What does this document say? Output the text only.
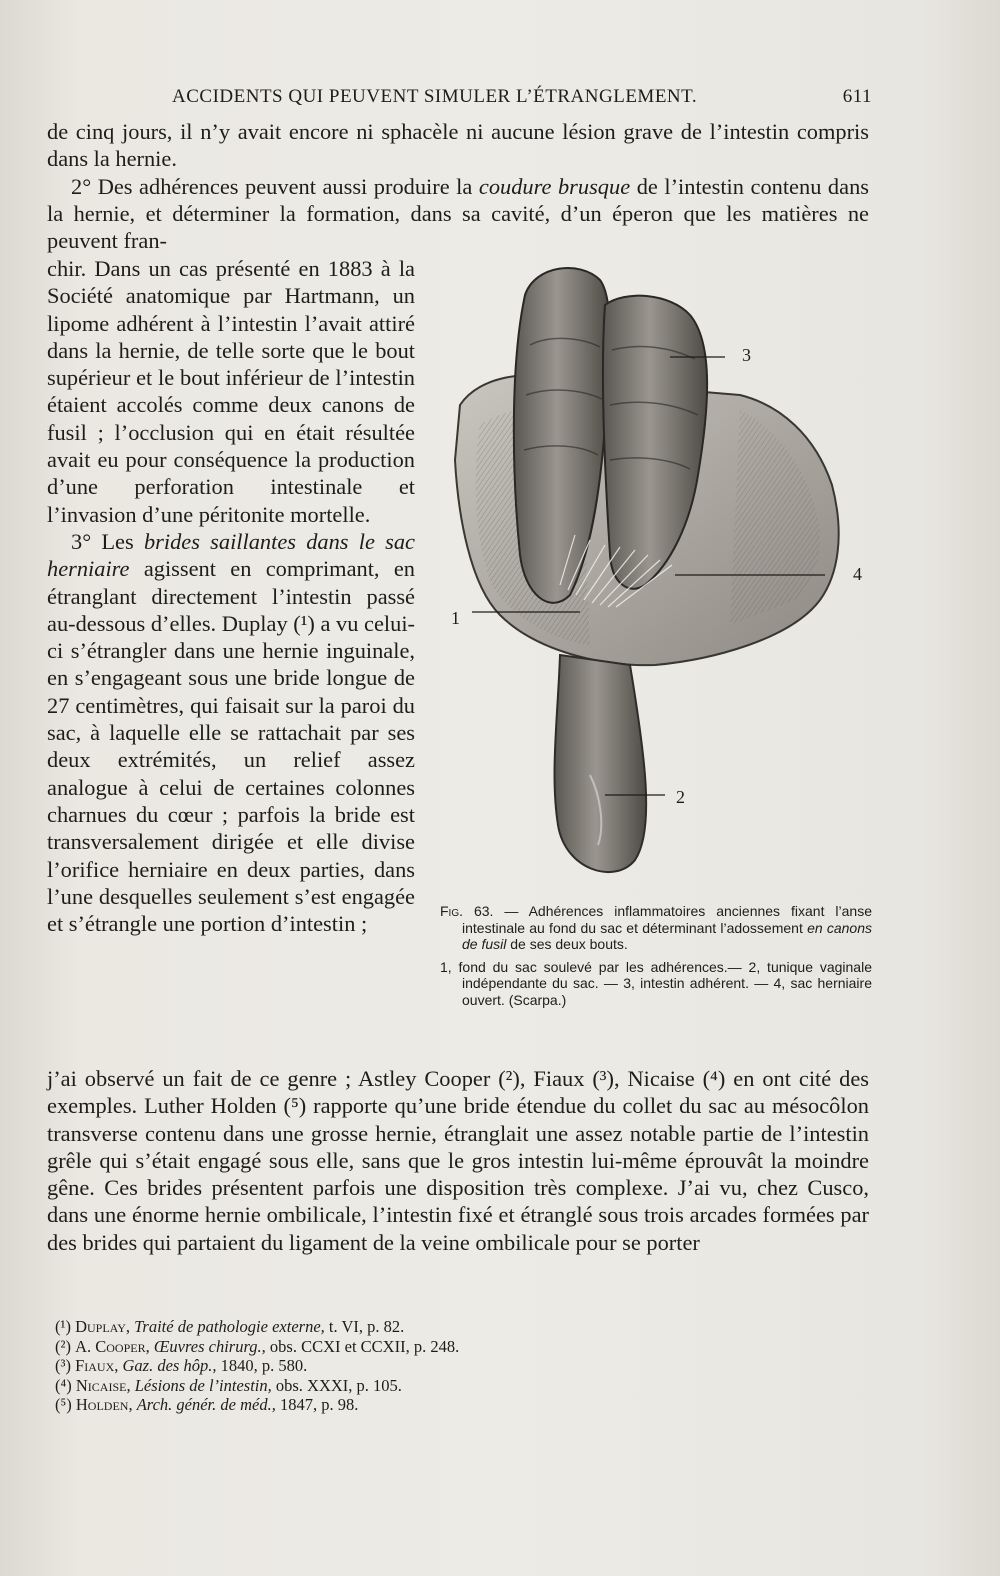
ACCIDENTS QUI PEUVENT SIMULER L’ÉTRANGLEMENT.	611

de cinq jours, il n’y avait encore ni sphacèle ni aucune lésion grave de l’intestin compris dans la hernie.

2° Des adhérences peuvent aussi produire la coudure brusque de l’intestin contenu dans la hernie, et déterminer la formation, dans sa cavité, d’un éperon que les matières ne peuvent fran-

chir. Dans un cas présenté en 1883 à la Société anatomique par Hartmann, un lipome adhérent à l’intestin l’avait attiré dans la hernie, de telle sorte que le bout supérieur et le bout inférieur de l’intestin étaient accolés comme deux canons de fusil ; l’occlusion qui en était résultée avait eu pour conséquence la production d’une perforation intestinale et l’invasion d’une péritonite mortelle.

3° Les brides saillantes dans le sac herniaire agissent en comprimant, en étranglant directement l’intestin passé au-dessous d’elles. Duplay (¹) a vu celui-ci s’étrangler dans une hernie inguinale, en s’engageant sous une bride longue de 27 centimètres, qui faisait sur la paroi du sac, à laquelle elle se rattachait par ses deux extrémités, un relief assez analogue à celui de certaines colonnes charnues du cœur ; parfois la bride est transversalement dirigée et elle divise l’orifice herniaire en deux parties, dans l’une desquelles seulement s’est engagée et s’étrangle une portion d’intestin ;

j’ai observé un fait de ce genre ; Astley Cooper (²), Fiaux (³), Nicaise (⁴) en ont cité des exemples. Luther Holden (⁵) rapporte qu’une bride étendue du collet du sac au mésocôlon transverse contenu dans une grosse hernie, étranglait une assez notable partie de l’intestin grêle qui s’était engagé sous elle, sans que le gros intestin lui-même éprouvât la moindre gêne. Ces brides présentent parfois une disposition très complexe. J’ai vu, chez Cusco, dans une énorme hernie ombilicale, l’intestin fixé et étranglé sous trois arcades formées par des brides qui partaient du ligament de la veine ombilicale pour se porter

3
4
1
2

Fig. 63. — Adhérences inflammatoires anciennes fixant l’anse intestinale au fond du sac et déterminant l’adossement en canons de fusil de ses deux bouts.

1, fond du sac soulevé par les adhérences.— 2, tunique vaginale indépendante du sac. — 3, intestin adhérent. — 4, sac herniaire ouvert. (Scarpa.)

(¹) Duplay, Traité de pathologie externe, t. VI, p. 82.
(²) A. Cooper, Œuvres chirurg., obs. CCXI et CCXII, p. 248.
(³) Fiaux, Gaz. des hôp., 1840, p. 580.
(⁴) Nicaise, Lésions de l’intestin, obs. XXXI, p. 105.
(⁵) Holden, Arch. génér. de méd., 1847, p. 98.
